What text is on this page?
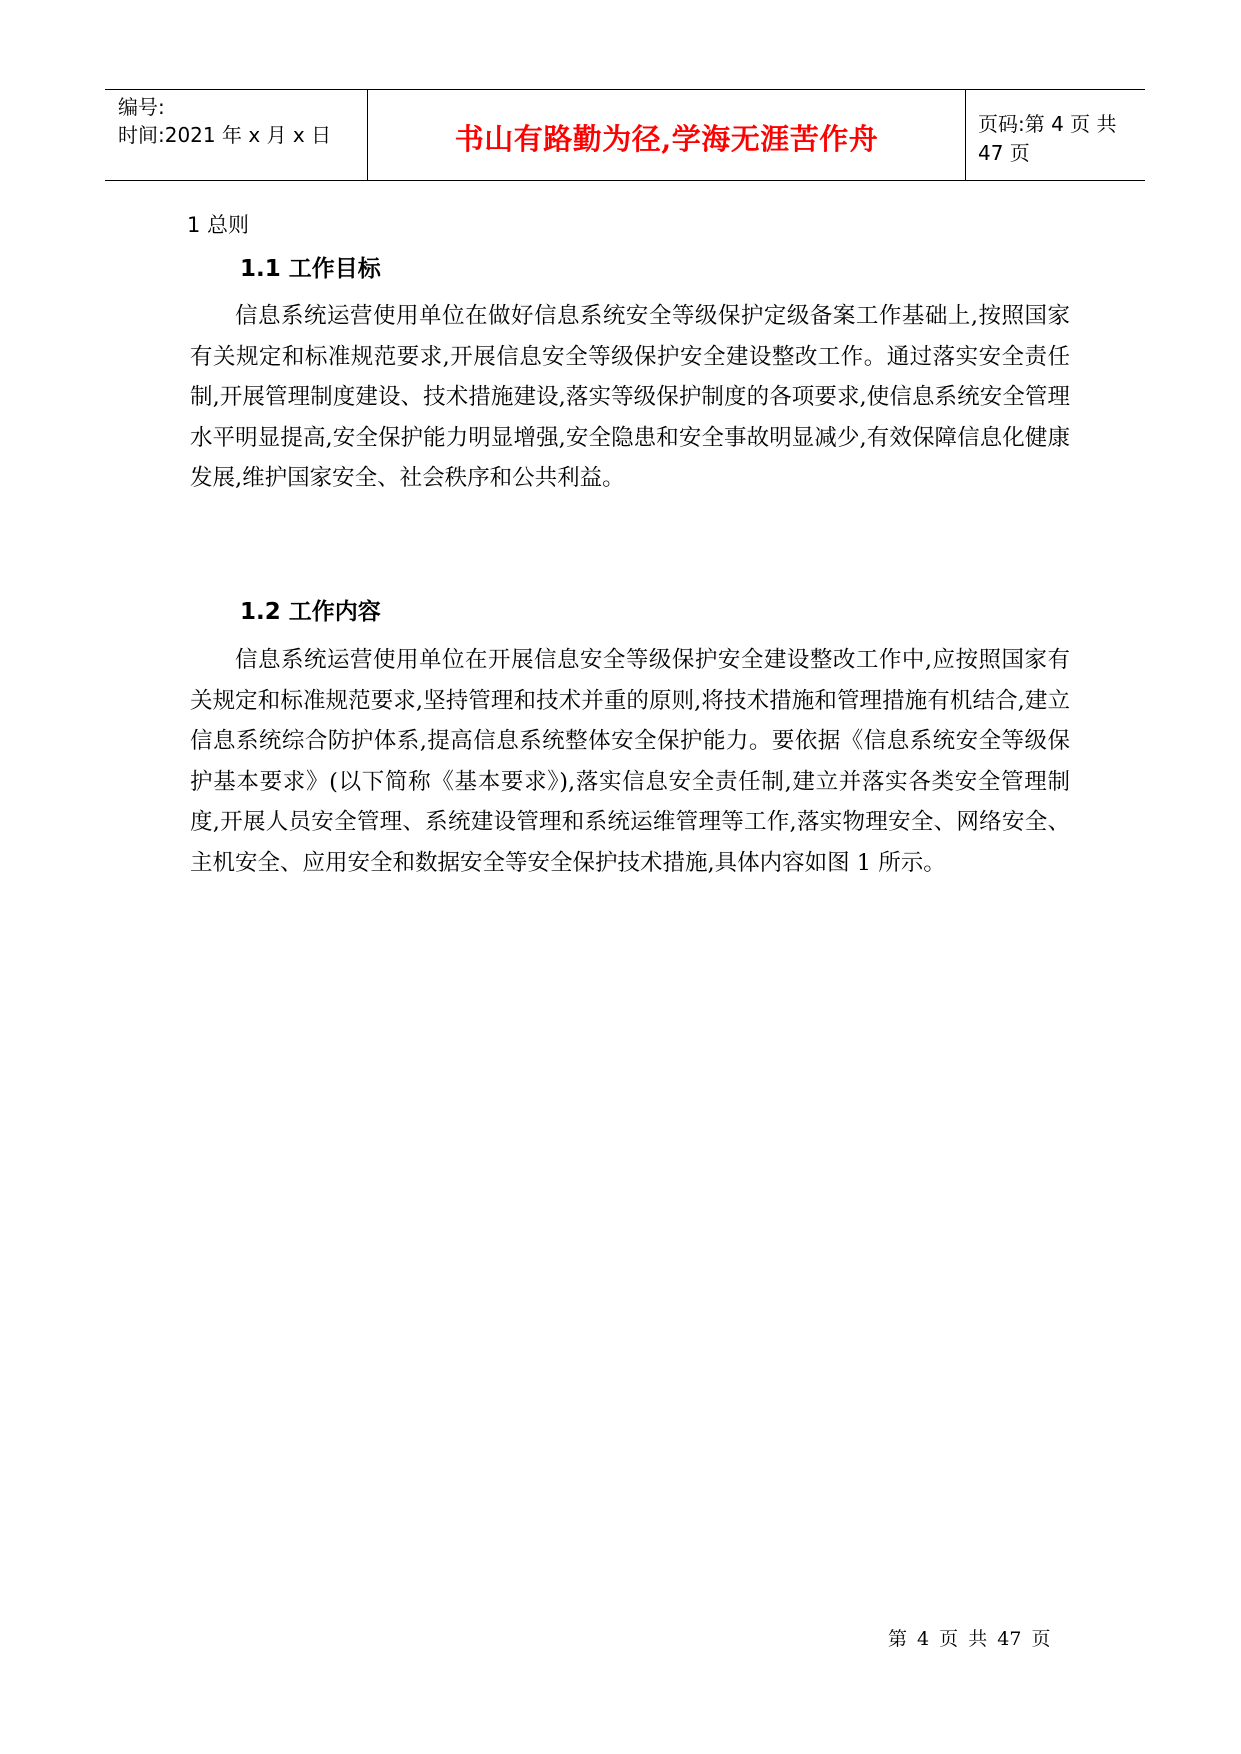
编号:
时间:2021 年 x 月 x 日	书山有路勤为径,学海无涯苦作舟	页码:第 4 页 共 47 页
1 总则
1.1 工作目标

信息系统运营使用单位在做好信息系统安全等级保护定级备案工作基础上,按照国家有关规定和标准规范要求,开展信息安全等级保护安全建设整改工作。通过落实安全责任制,开展管理制度建设、技术措施建设,落实等级保护制度的各项要求,使信息系统安全管理水平明显提高,安全保护能力明显增强,安全隐患和安全事故明显减少,有效保障信息化健康发展,维护国家安全、社会秩序和公共利益。

1.2 工作内容

信息系统运营使用单位在开展信息安全等级保护安全建设整改工作中,应按照国家有关规定和标准规范要求,坚持管理和技术并重的原则,将技术措施和管理措施有机结合,建立信息系统综合防护体系,提高信息系统整体安全保护能力。要依据《信息系统安全等级保护基本要求》(以下简称《基本要求》),落实信息安全责任制,建立并落实各类安全管理制度,开展人员安全管理、系统建设管理和系统运维管理等工作,落实物理安全、网络安全、主机安全、应用安全和数据安全等安全保护技术措施,具体内容如图 1 所示。

第 4 页 共 47 页
